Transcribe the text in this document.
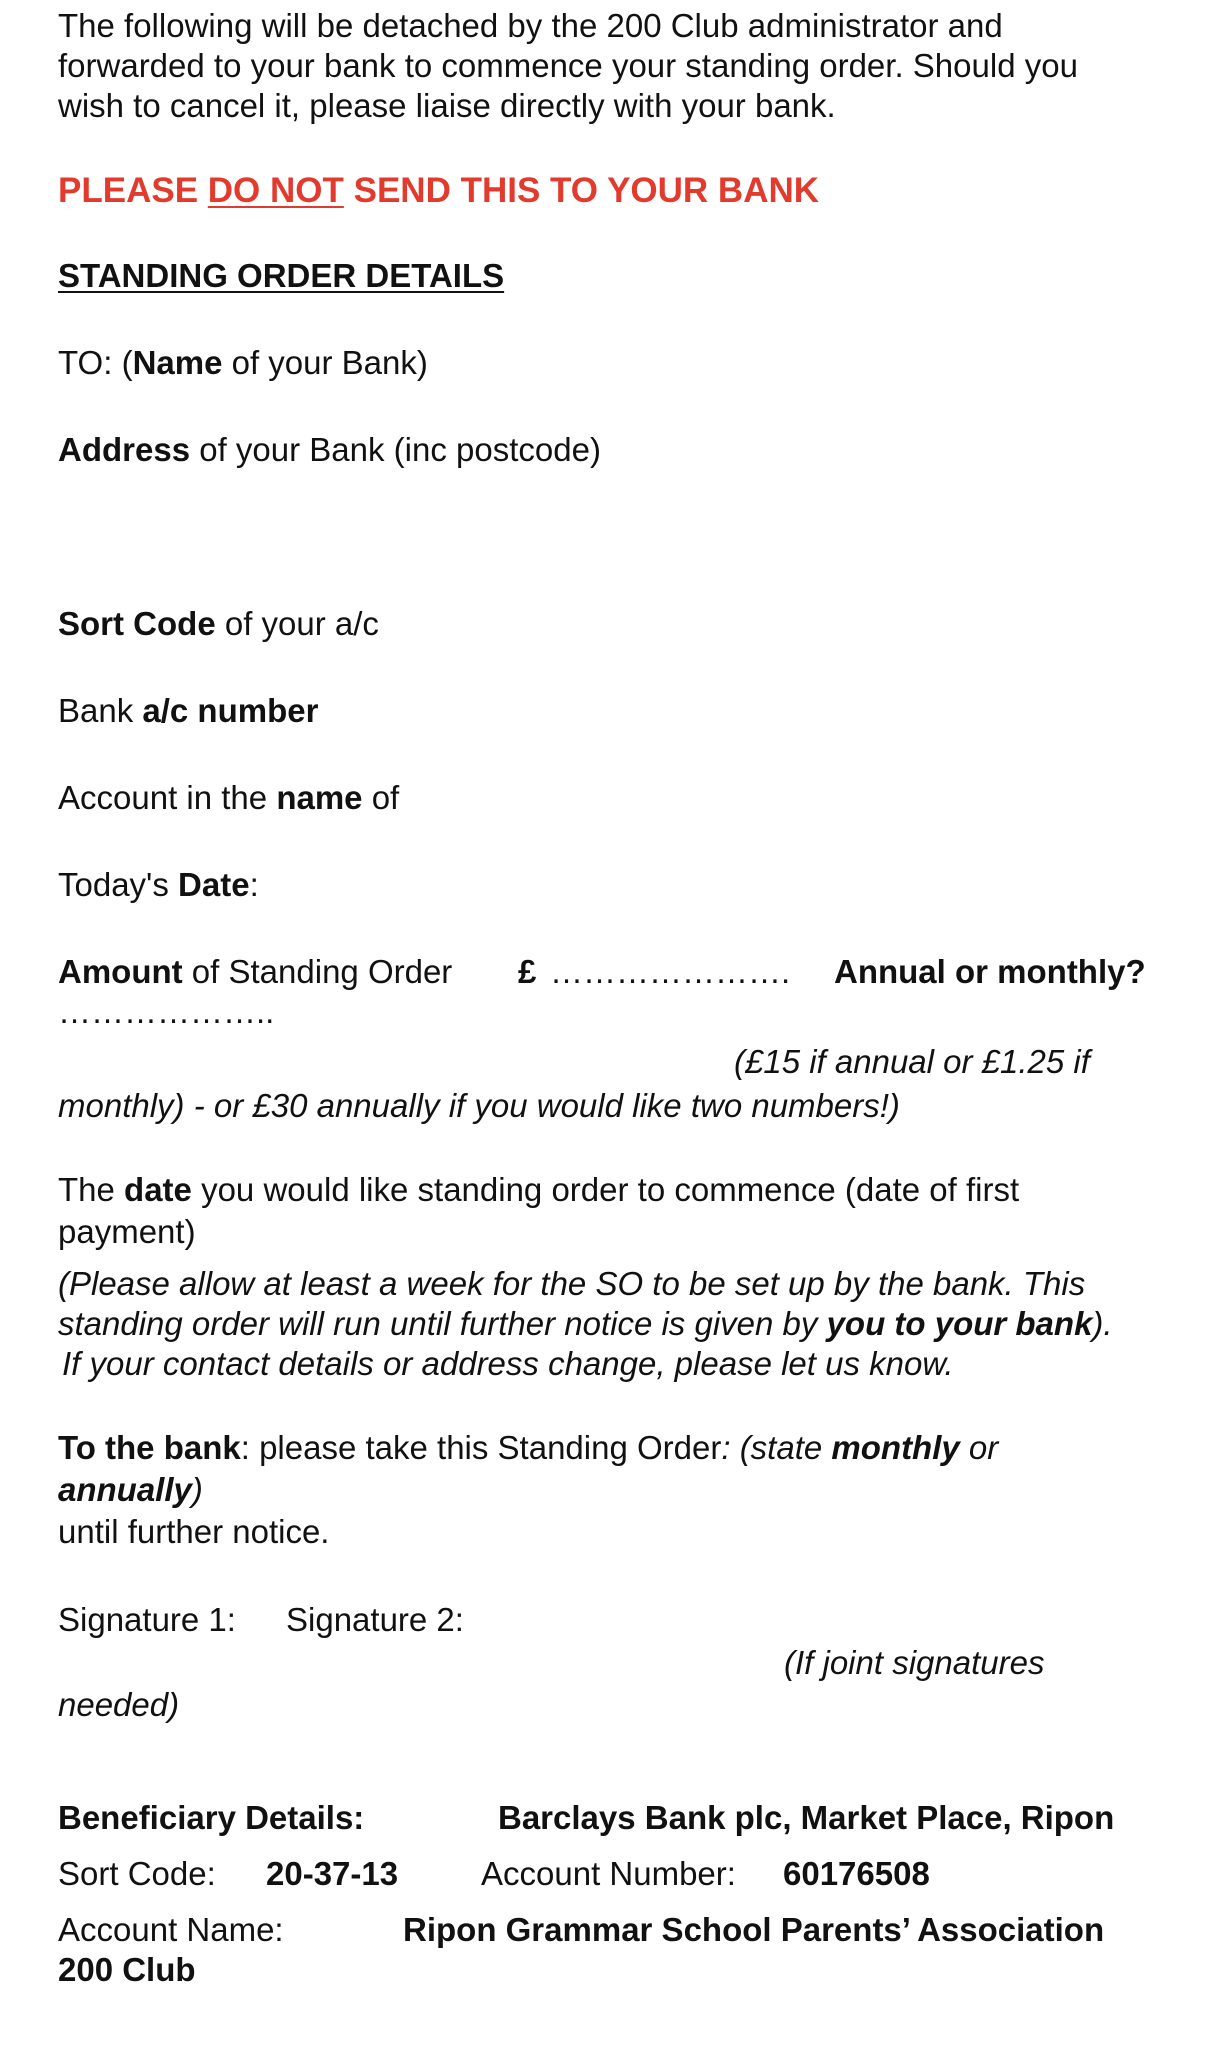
The following will be detached by the 200 Club administrator and
forwarded to your bank to commence your standing order. Should you
wish to cancel it, please liaise directly with your bank.
PLEASE DO NOT SEND THIS TO YOUR BANK
STANDING ORDER DETAILS
TO: (Name of your Bank)
Address of your Bank (inc postcode)
Sort Code of your a/c
Bank a/c number
Account in the name of
Today's Date:
Amount of Standing Order £ …………………. Annual or monthly?
………………..
(£15 if annual or £1.25 if
monthly) - or £30 annually if you would like two numbers!)
The date you would like standing order to commence (date of first
payment)
(Please allow at least a week for the SO to be set up by the bank. This
standing order will run until further notice is given by you to your bank).
If your contact details or address change, please let us know.
To the bank: please take this Standing Order: (state monthly or
annually)
until further notice.
Signature 1: Signature 2:
(If joint signatures
needed)
Beneficiary Details:	Barclays Bank plc, Market Place, Ripon
Sort Code: 20-37-13	Account Number: 60176508
Account Name:	Ripon Grammar School Parents’ Association
200 Club
